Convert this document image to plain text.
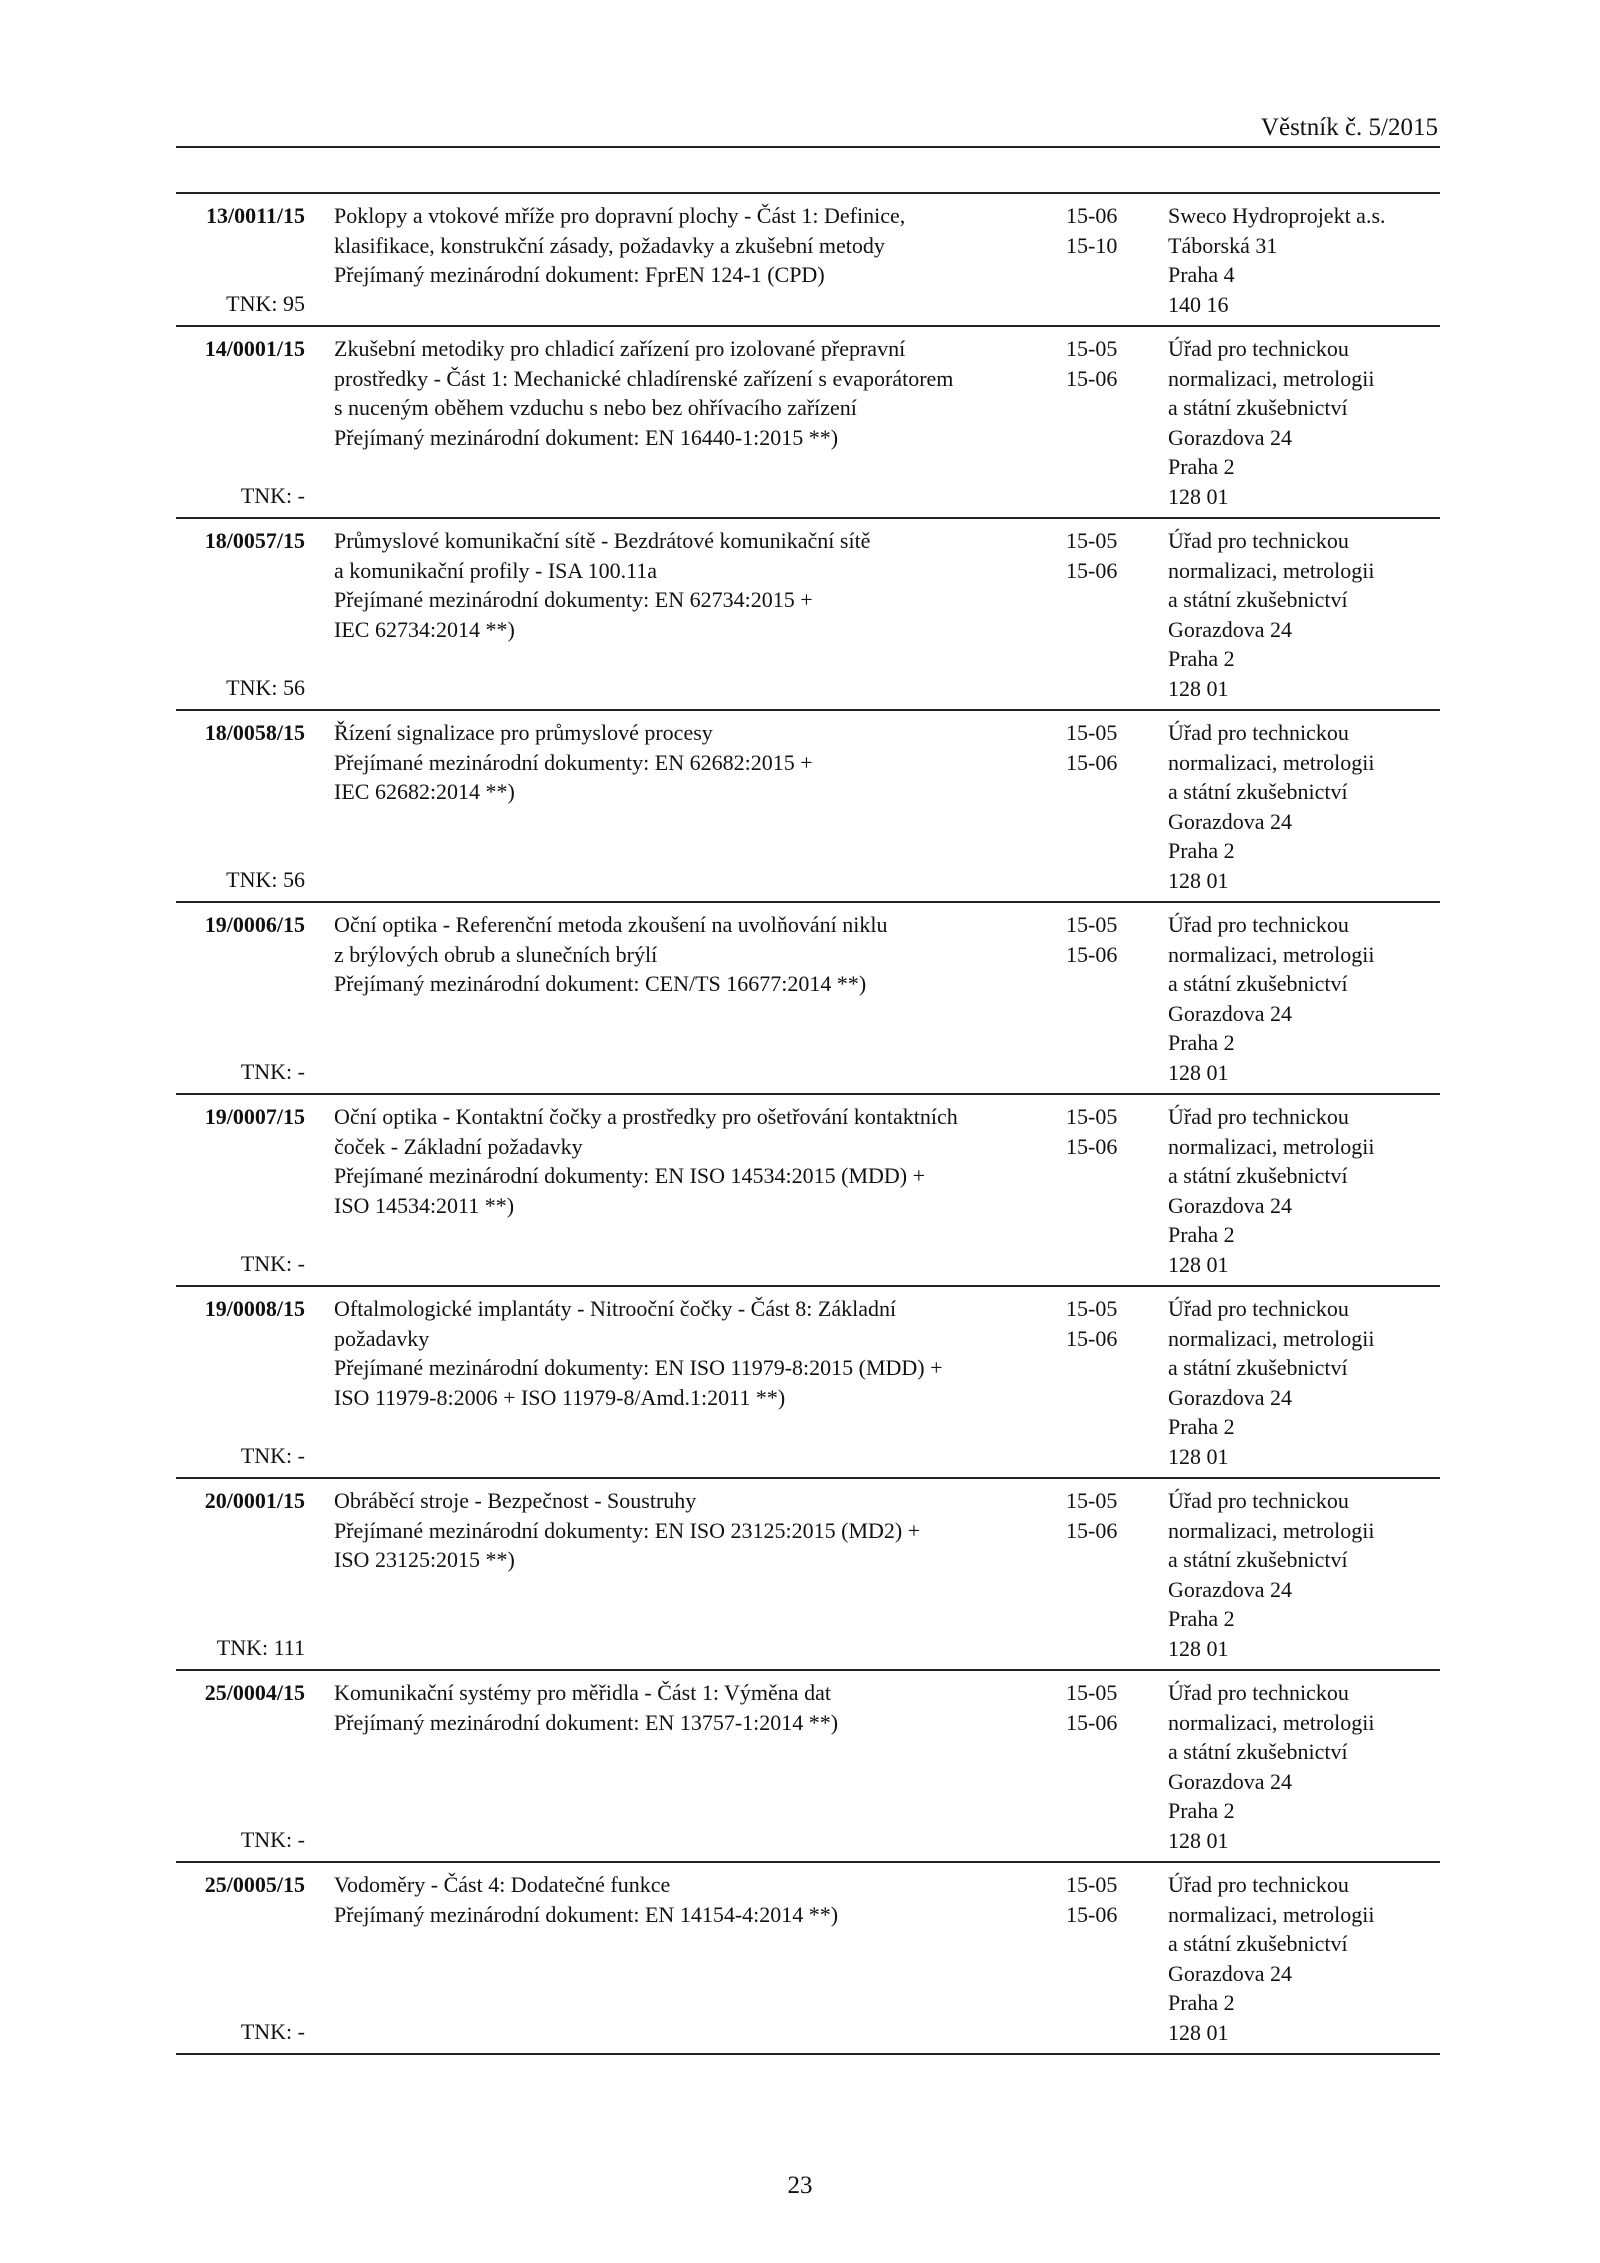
Věstník č. 5/2015
13/0011/15
TNK: 95
Poklopy a vtokové mříže pro dopravní plochy - Část 1: Definice,
klasifikace, konstrukční zásady, požadavky a zkušební metody
Přejímaný mezinárodní dokument: FprEN 124-1 (CPD)
15-06
15-10
Sweco Hydroprojekt a.s.
Táborská 31
Praha 4
140 16
14/0001/15
TNK: -
Zkušební metodiky pro chladicí zařízení pro izolované přepravní
prostředky - Část 1: Mechanické chladírenské zařízení s evaporátorem
s nuceným oběhem vzduchu s nebo bez ohřívacího zařízení
Přejímaný mezinárodní dokument: EN 16440-1:2015 **)
15-05
15-06
Úřad pro technickou
normalizaci, metrologii
a státní zkušebnictví
Gorazdova 24
Praha 2
128 01
18/0057/15
TNK: 56
Průmyslové komunikační sítě - Bezdrátové komunikační sítě
a komunikační profily - ISA 100.11a
Přejímané mezinárodní dokumenty: EN 62734:2015 +
IEC 62734:2014 **)
15-05
15-06
Úřad pro technickou
normalizaci, metrologii
a státní zkušebnictví
Gorazdova 24
Praha 2
128 01
18/0058/15
TNK: 56
Řízení signalizace pro průmyslové procesy
Přejímané mezinárodní dokumenty: EN 62682:2015 +
IEC 62682:2014 **)
15-05
15-06
Úřad pro technickou
normalizaci, metrologii
a státní zkušebnictví
Gorazdova 24
Praha 2
128 01
19/0006/15
TNK: -
Oční optika - Referenční metoda zkoušení na uvolňování niklu
z brýlových obrub a slunečních brýlí
Přejímaný mezinárodní dokument: CEN/TS 16677:2014 **)
15-05
15-06
Úřad pro technickou
normalizaci, metrologii
a státní zkušebnictví
Gorazdova 24
Praha 2
128 01
19/0007/15
TNK: -
Oční optika - Kontaktní čočky a prostředky pro ošetřování kontaktních
čoček - Základní požadavky
Přejímané mezinárodní dokumenty: EN ISO 14534:2015 (MDD) +
ISO 14534:2011 **)
15-05
15-06
Úřad pro technickou
normalizaci, metrologii
a státní zkušebnictví
Gorazdova 24
Praha 2
128 01
19/0008/15
TNK: -
Oftalmologické implantáty - Nitrooční čočky - Část 8: Základní
požadavky
Přejímané mezinárodní dokumenty: EN ISO 11979-8:2015 (MDD) +
ISO 11979-8:2006 + ISO 11979-8/Amd.1:2011 **)
15-05
15-06
Úřad pro technickou
normalizaci, metrologii
a státní zkušebnictví
Gorazdova 24
Praha 2
128 01
20/0001/15
TNK: 111
Obráběcí stroje - Bezpečnost - Soustruhy
Přejímané mezinárodní dokumenty: EN ISO 23125:2015 (MD2) +
ISO 23125:2015 **)
15-05
15-06
Úřad pro technickou
normalizaci, metrologii
a státní zkušebnictví
Gorazdova 24
Praha 2
128 01
25/0004/15
TNK: -
Komunikační systémy pro měřidla - Část 1: Výměna dat
Přejímaný mezinárodní dokument: EN 13757-1:2014 **)
15-05
15-06
Úřad pro technickou
normalizaci, metrologii
a státní zkušebnictví
Gorazdova 24
Praha 2
128 01
25/0005/15
TNK: -
Vodoměry - Část 4: Dodatečné funkce
Přejímaný mezinárodní dokument: EN 14154-4:2014 **)
15-05
15-06
Úřad pro technickou
normalizaci, metrologii
a státní zkušebnictví
Gorazdova 24
Praha 2
128 01
23
